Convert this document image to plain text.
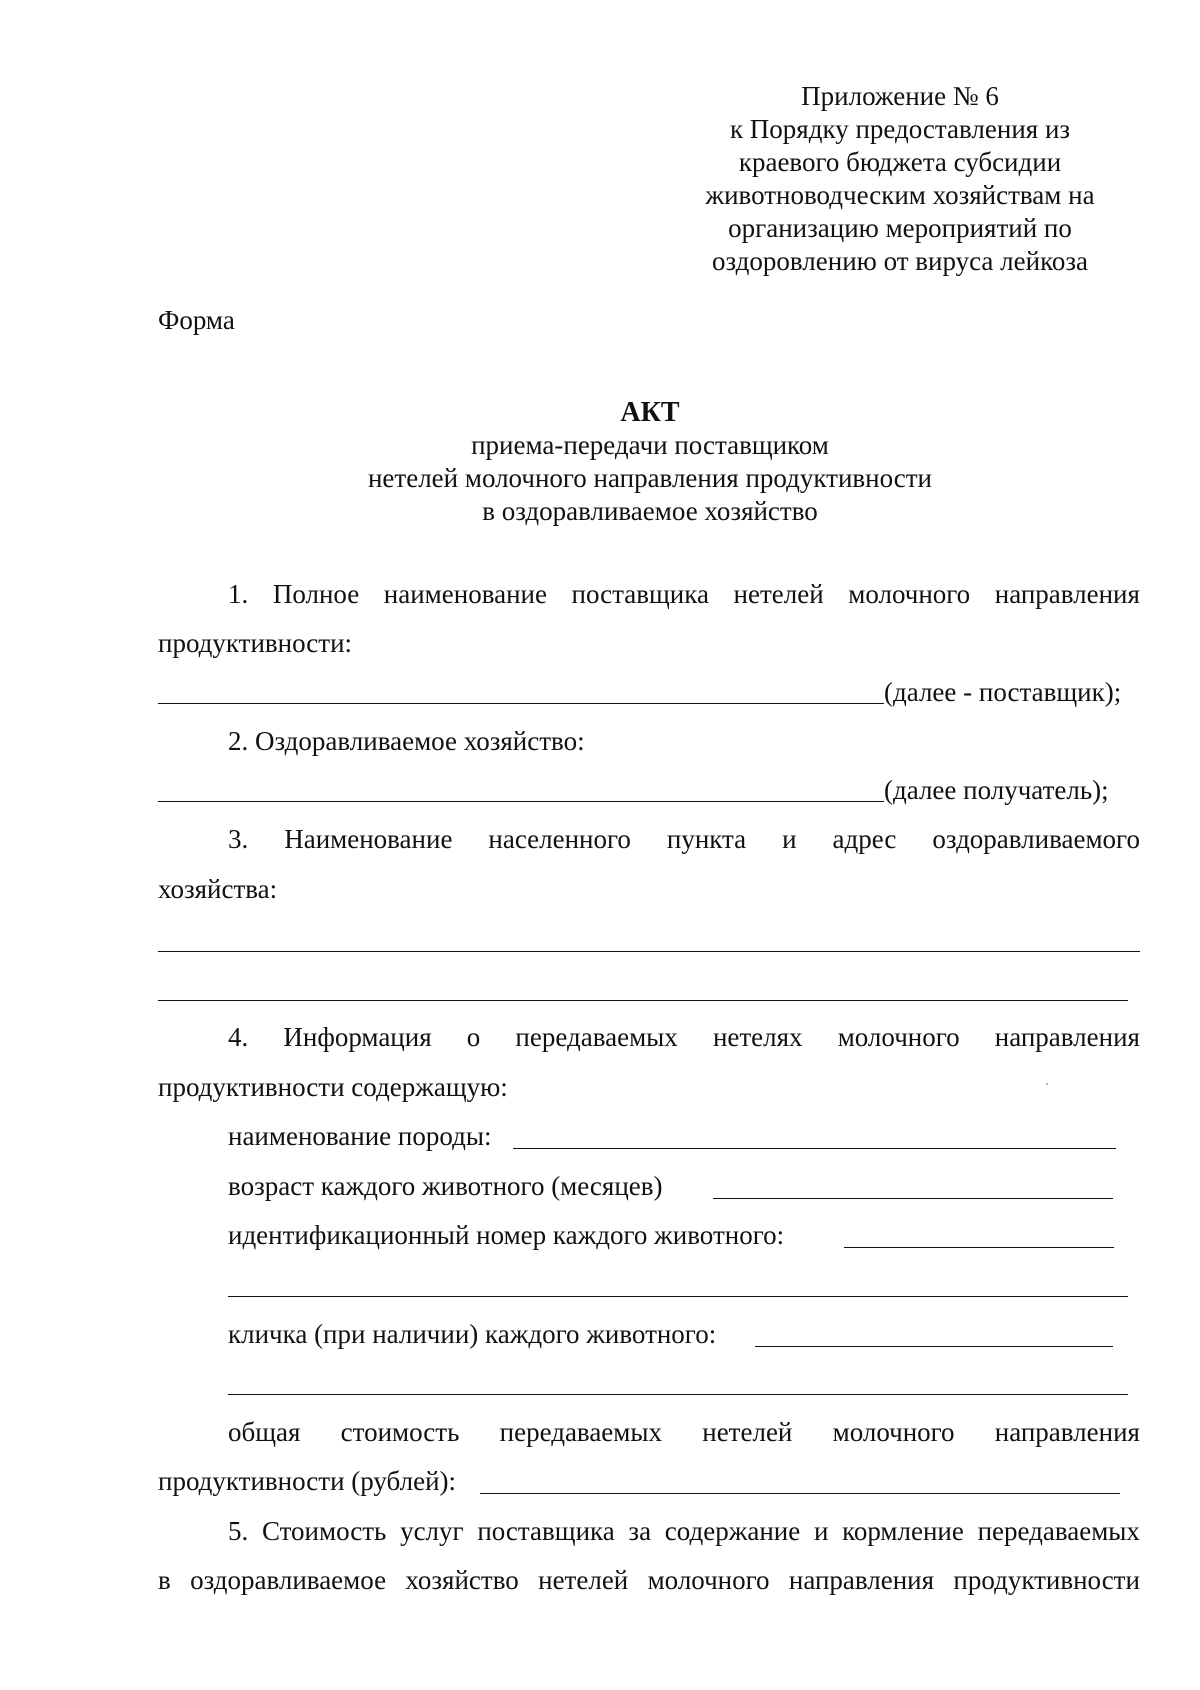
Приложение № 6
к Порядку предоставления из
краевого бюджета субсидии
животноводческим хозяйствам на
организацию мероприятий по
оздоровлению от вируса лейкоза
Форма
АКТ
приема-передачи поставщиком
нетелей молочного направления продуктивности
в оздоравливаемое хозяйство
1. Полное наименование поставщика нетелей молочного направления
продуктивности:
(далее - поставщик);
2. Оздоравливаемое хозяйство:
(далее получатель);
3. Наименование населенного пункта и адрес оздоравливаемого
хозяйства:
4. Информация о передаваемых нетелях молочного направления
продуктивности содержащую:
наименование породы:
возраст каждого животного (месяцев)
идентификационный номер каждого животного:
кличка (при наличии) каждого животного:
общая стоимость передаваемых нетелей молочного направления
продуктивности (рублей):
5. Стоимость услуг поставщика за содержание и кормление передаваемых
в оздоравливаемое хозяйство нетелей молочного направления продуктивности
